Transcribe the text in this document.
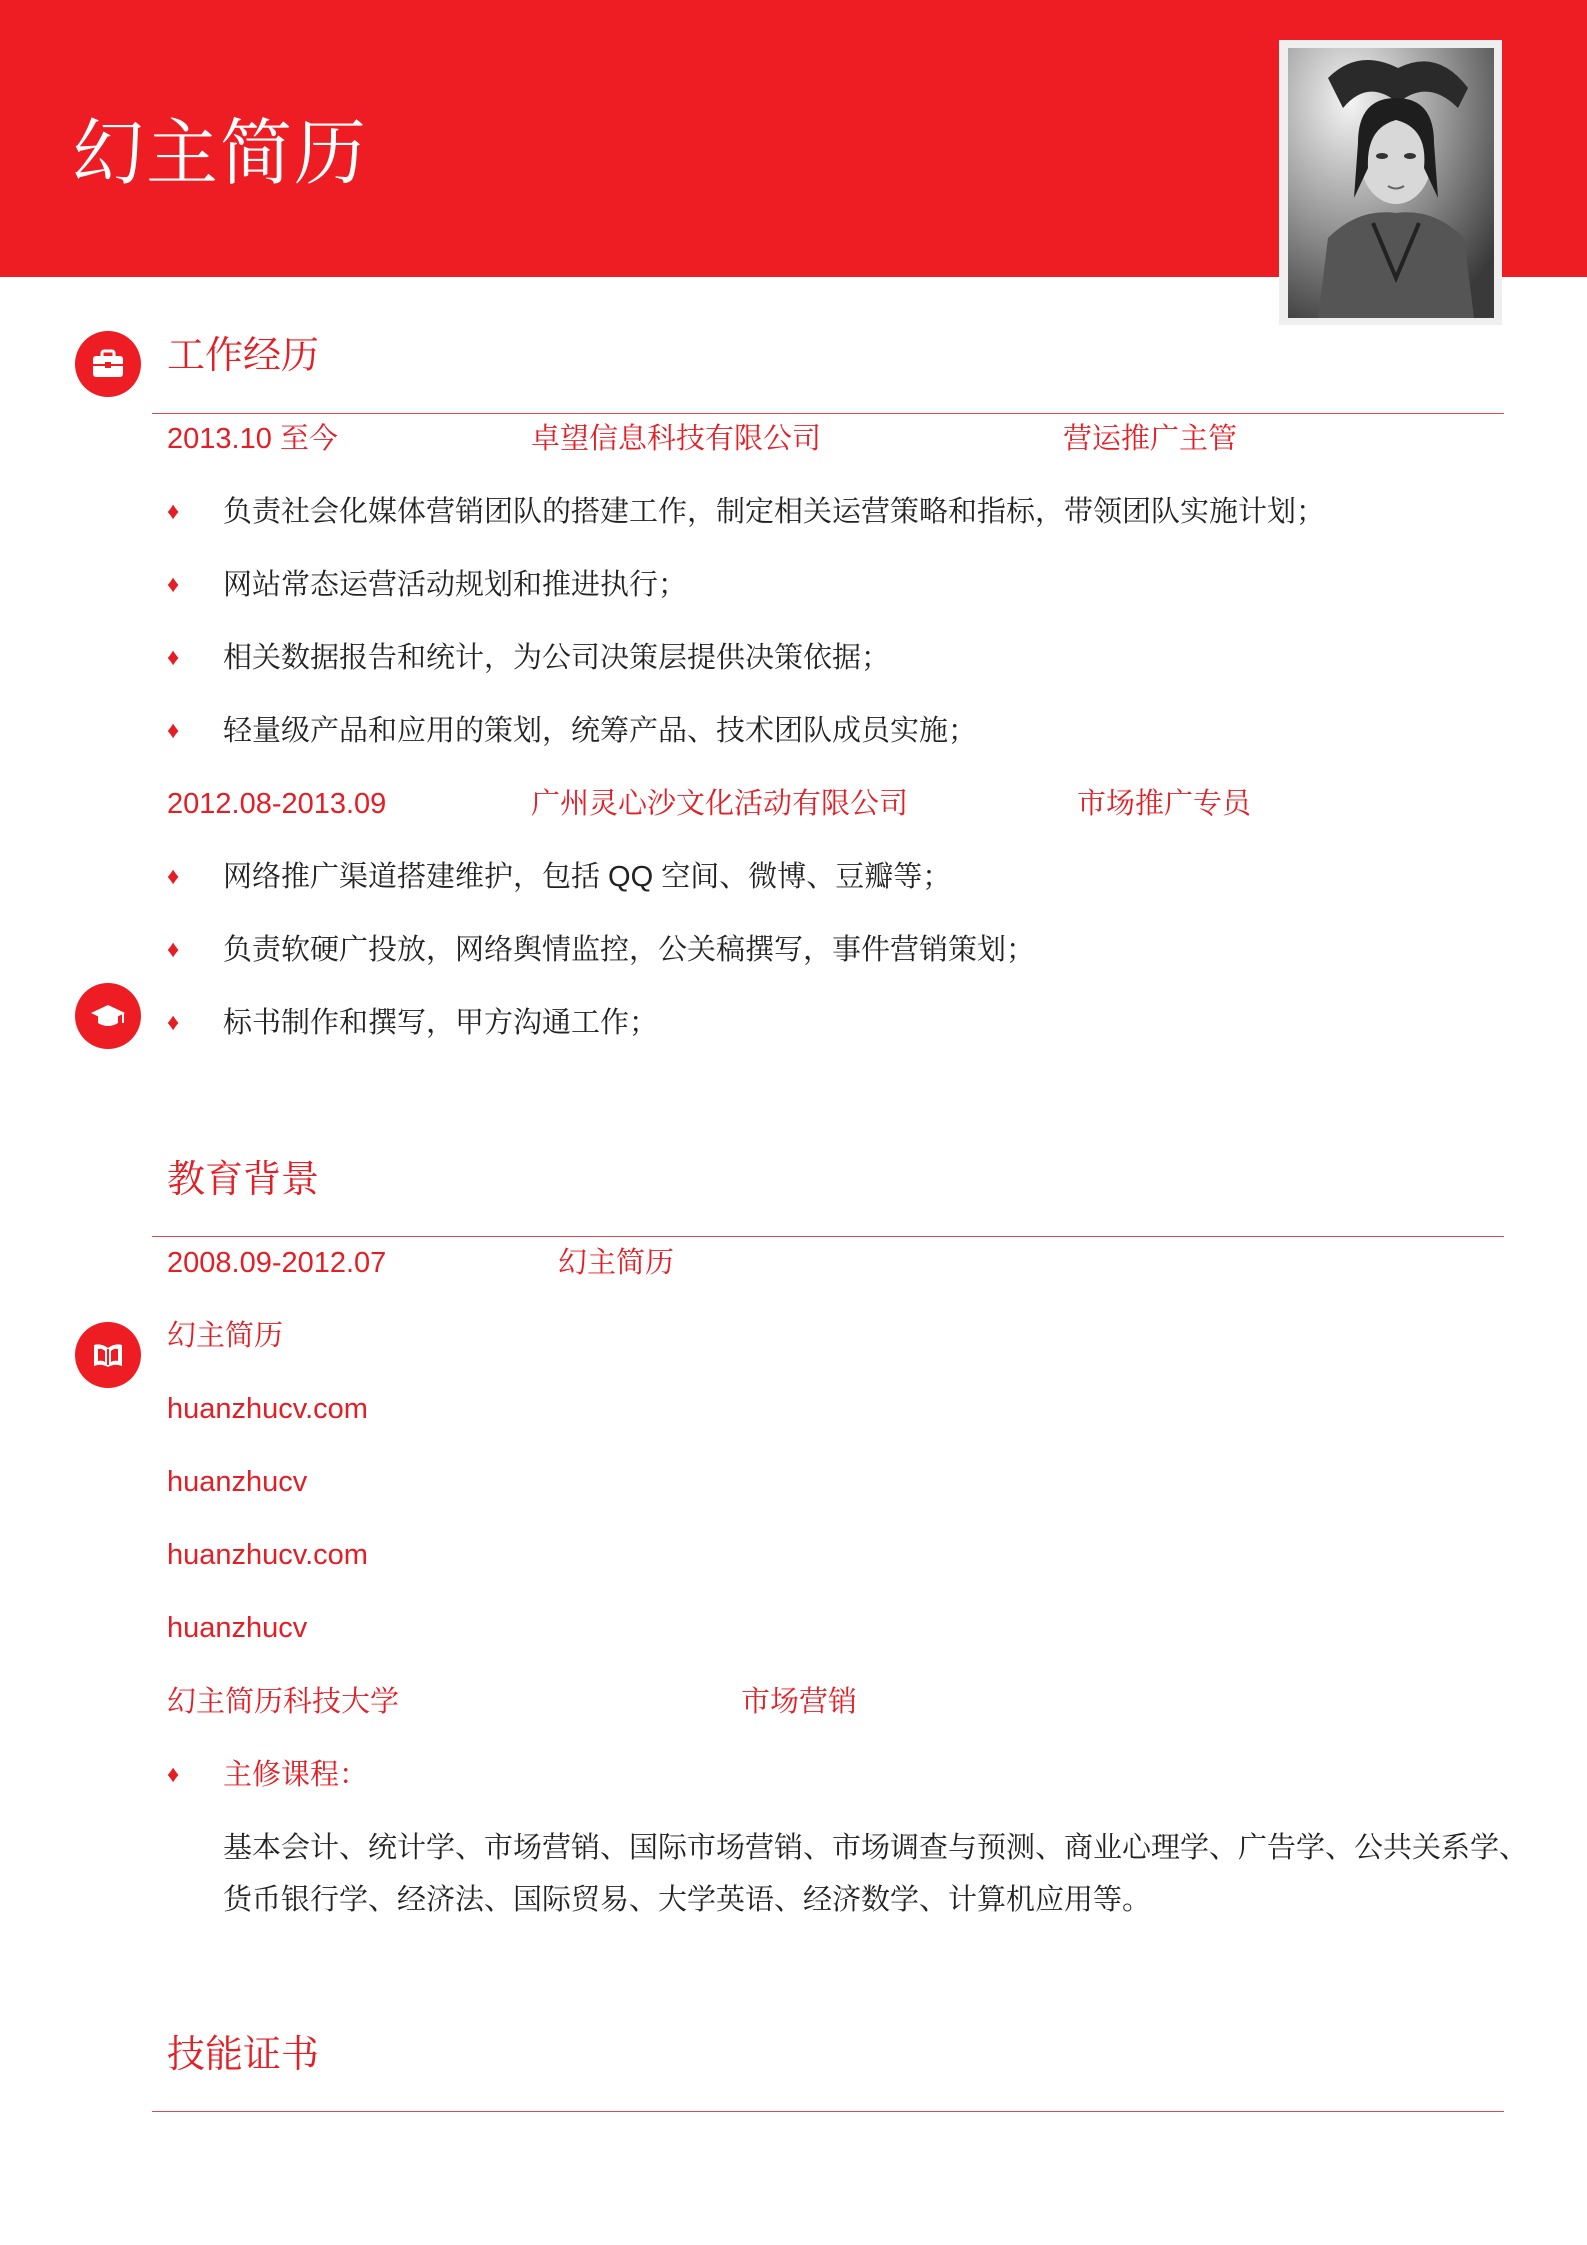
幻主简历
工作经历
2013.10 至今	卓望信息科技有限公司	营运推广主管
♦ 负责社会化媒体营销团队的搭建工作，制定相关运营策略和指标，带领团队实施计划；
♦ 网站常态运营活动规划和推进执行；
♦ 相关数据报告和统计，为公司决策层提供决策依据；
♦ 轻量级产品和应用的策划，统筹产品、技术团队成员实施；
2012.08-2013.09	广州灵心沙文化活动有限公司	市场推广专员
♦ 网络推广渠道搭建维护，包括 QQ 空间、微博、豆瓣等；
♦ 负责软硬广投放，网络舆情监控，公关稿撰写，事件营销策划；
♦ 标书制作和撰写，甲方沟通工作；
教育背景
2008.09-2012.07	幻主简历
幻主简历
huanzhucv.com
huanzhucv
huanzhucv.com
huanzhucv
幻主简历科技大学	市场营销
♦ 主修课程：
基本会计、统计学、市场营销、国际市场营销、市场调查与预测、商业心理学、广告学、公共关系学、货币银行学、经济法、国际贸易、大学英语、经济数学、计算机应用等。
技能证书
